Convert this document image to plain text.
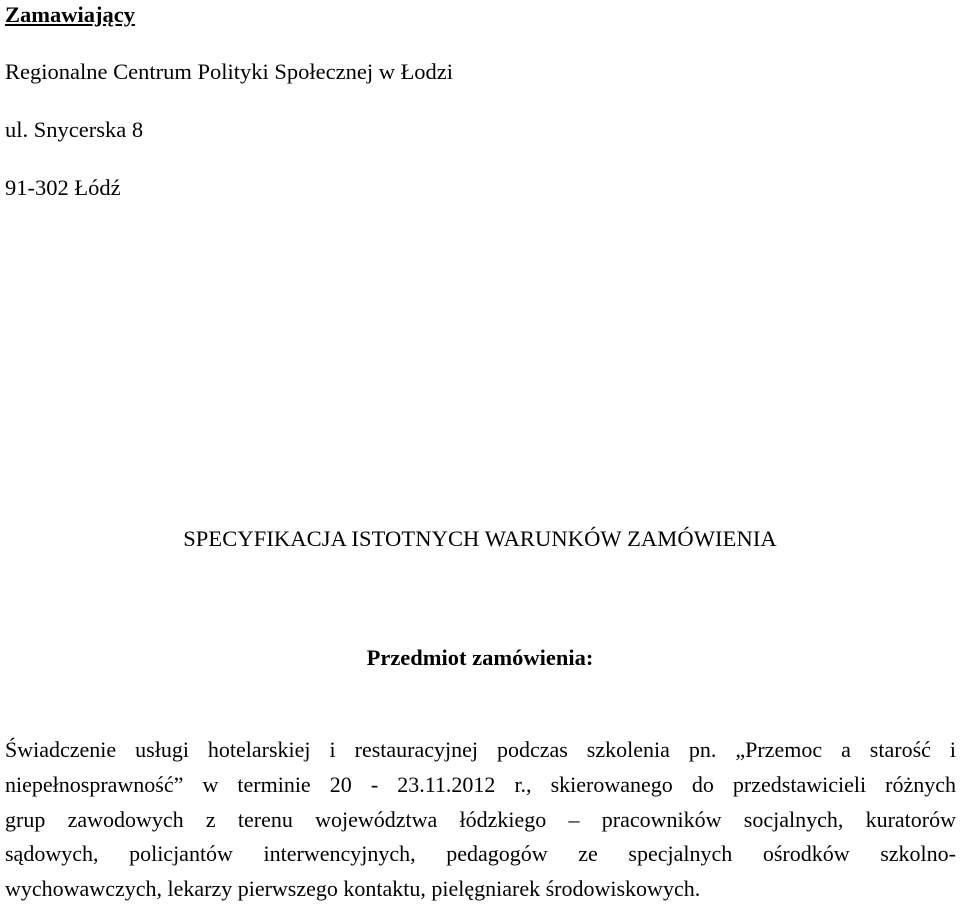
Zamawiający
Regionalne Centrum Polityki Społecznej w Łodzi
ul. Snycerska 8
91-302 Łódź
SPECYFIKACJA ISTOTNYCH WARUNKÓW ZAMÓWIENIA
Przedmiot zamówienia:
Świadczenie usługi hotelarskiej i restauracyjnej podczas szkolenia pn. „Przemoc a starość i
niepełnosprawność” w terminie 20 - 23.11.2012 r., skierowanego do przedstawicieli różnych
grup zawodowych z terenu województwa łódzkiego – pracowników socjalnych, kuratorów
sądowych, policjantów interwencyjnych, pedagogów ze specjalnych ośrodków szkolno-
wychowawczych, lekarzy pierwszego kontaktu, pielęgniarek środowiskowych.
